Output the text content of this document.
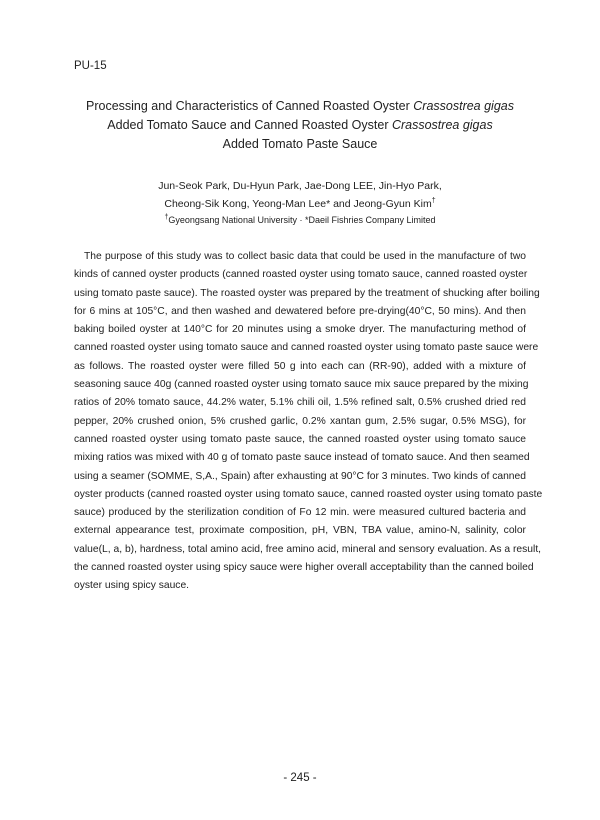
PU-15
Processing and Characteristics of Canned Roasted Oyster Crassostrea gigas
Added Tomato Sauce and Canned Roasted Oyster Crassostrea gigas
Added Tomato Paste Sauce
Jun-Seok Park, Du-Hyun Park, Jae-Dong LEE, Jin-Hyo Park,
Cheong-Sik Kong, Yeong-Man Lee* and Jeong-Gyun Kim†
†Gyeongsang National University · *Daeil Fishries Company Limited
The purpose of this study was to collect basic data that could be used in the manufacture of two
kinds of canned oyster products (canned roasted oyster using tomato sauce, canned roasted oyster
using tomato paste sauce). The roasted oyster was prepared by the treatment of shucking after boiling
for 6 mins at 105°C, and then washed and dewatered before pre-drying(40°C, 50 mins). And then
baking boiled oyster at 140°C for 20 minutes using a smoke dryer. The manufacturing method of
canned roasted oyster using tomato sauce and canned roasted oyster using tomato paste sauce were
as follows. The roasted oyster were filled 50 g into each can (RR-90), added with a mixture of
seasoning sauce 40g (canned roasted oyster using tomato sauce mix sauce prepared by the mixing
ratios of 20% tomato sauce, 44.2% water, 5.1% chili oil, 1.5% refined salt, 0.5% crushed dried red
pepper, 20% crushed onion, 5% crushed garlic, 0.2% xantan gum, 2.5% sugar, 0.5% MSG), for
canned roasted oyster using tomato paste sauce, the canned roasted oyster using tomato sauce
mixing ratios was mixed with 40 g of tomato paste sauce instead of tomato sauce. And then seamed
using a seamer (SOMME, S,A., Spain) after exhausting at 90°C for 3 minutes. Two kinds of canned
oyster products (canned roasted oyster using tomato sauce, canned roasted oyster using tomato paste
sauce) produced by the sterilization condition of Fo 12 min. were measured cultured bacteria and
external appearance test, proximate composition, pH, VBN, TBA value, amino-N, salinity, color
value(L, a, b), hardness, total amino acid, free amino acid, mineral and sensory evaluation. As a result,
the canned roasted oyster using spicy sauce were higher overall acceptability than the canned boiled
oyster using spicy sauce.
- 245 -
